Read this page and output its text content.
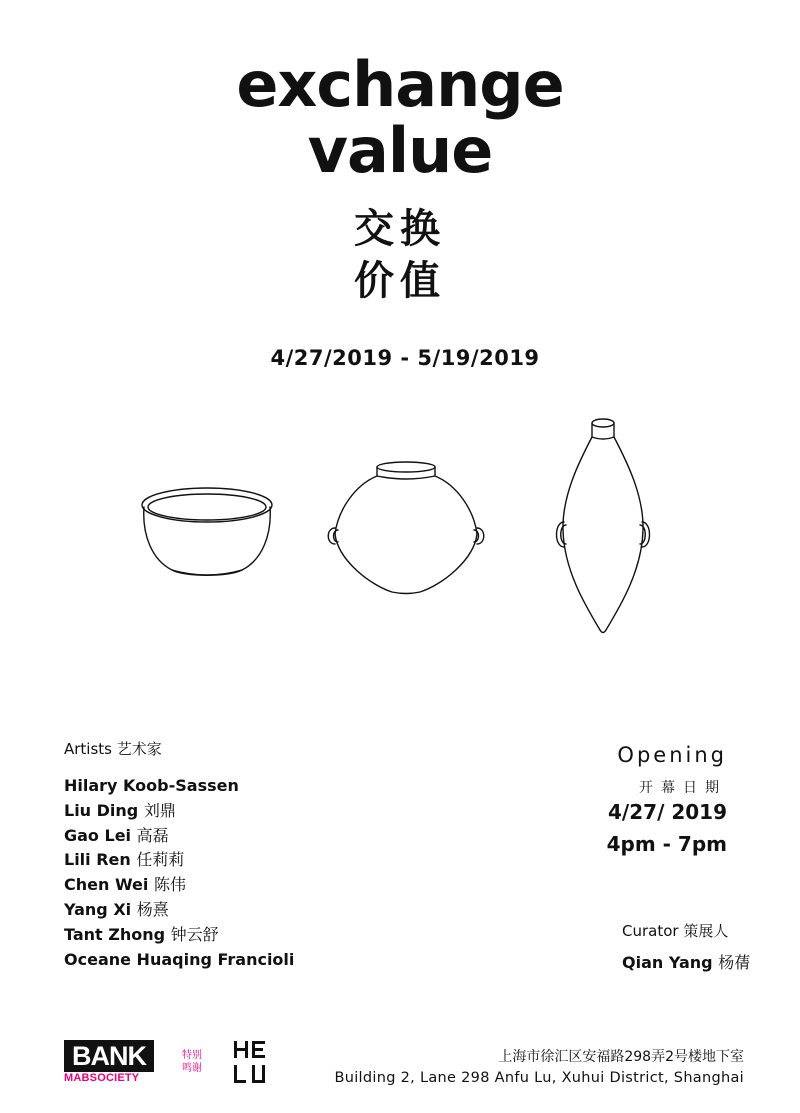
exchange
value
交换
价值
4/27/2019 - 5/19/2019
Artists 艺术家
Hilary Koob-Sassen
Liu Ding 刘鼎
Gao Lei 高磊
Lili Ren 任莉莉
Chen Wei 陈伟
Yang Xi 杨熹
Tant Zhong 钟云舒
Oceane Huaqing Francioli
Opening
开幕日期
4/27/ 2019
4pm - 7pm
Curator 策展人
Qian Yang 杨蒨
BANK
MABSOCIETY
特别
鸣谢
上海市徐汇区安福路298弄2号楼地下室
Building 2, Lane 298 Anfu Lu, Xuhui District, Shanghai
